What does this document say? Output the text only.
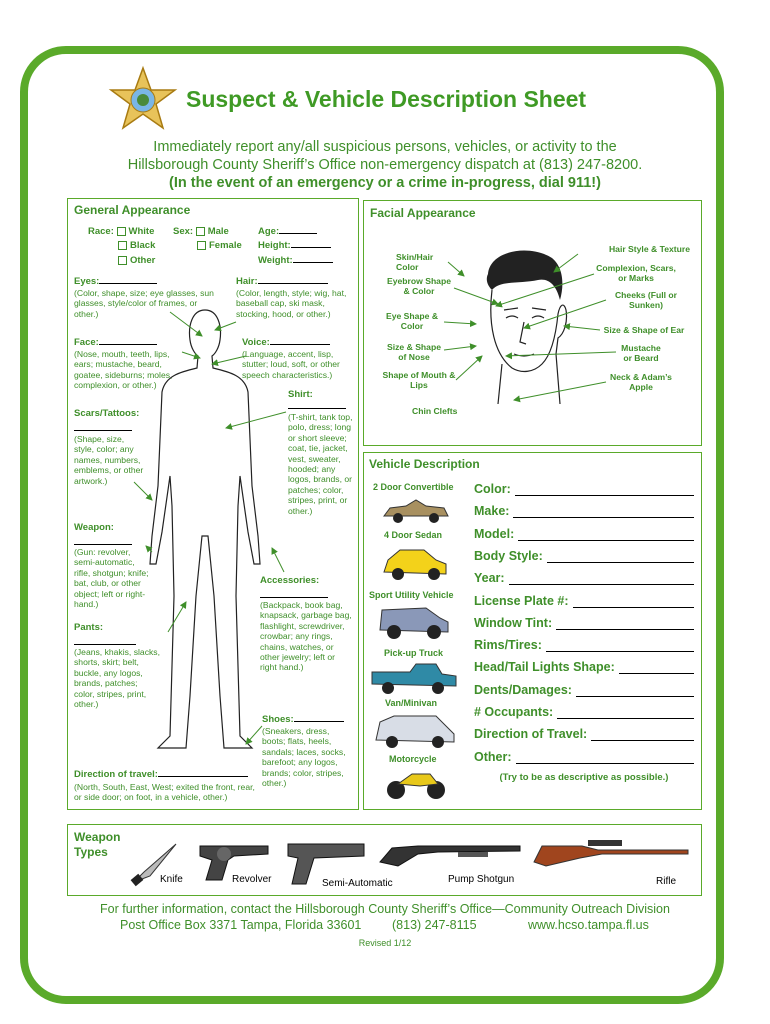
Suspect & Vehicle Description Sheet
Immediately report any/all suspicious persons, vehicles, or activity to the
Hillsborough County Sheriff’s Office non-emergency dispatch at (813) 247-8200.
(In the event of an emergency or a crime in-progress, dial 911!)
General Appearance
Race: White
Black
Other
Sex: Male
Female
Age:
Height:
Weight:
Eyes:
(Color, shape, size; eye glasses, sun glasses, style/color of frames, or other.)
Hair:
(Color, length, style; wig, hat, baseball cap, ski mask, stocking, hood, or other.)
Face:
(Nose, mouth, teeth, lips, ears; mustache, beard, goatee, sideburns; moles, complexion, or other.)
Voice:
(Language, accent, lisp, stutter; loud, soft, or other speech characteristics.)
Shirt:
(T-shirt, tank top, polo, dress; long or short sleeve; coat, tie, jacket, vest, sweater, hooded; any logos, brands, or patches; color, stripes, print, or other.)
Scars/Tattoos:
(Shape, size, style, color; any names, numbers, emblems, or other artwork.)
Weapon:
(Gun: revolver, semi-automatic, rifle, shotgun; knife; bat, club, or other object; left or right-hand.)
Accessories:
(Backpack, book bag, knapsack, garbage bag, flashlight, screwdriver, crowbar; any rings, chains, watches, or other jewelry; left or right hand.)
Pants:
(Jeans, khakis, slacks, shorts, skirt; belt, buckle, any logos, brands, patches; color, stripes, print, other.)
Shoes:
(Sneakers, dress, boots; flats, heels, sandals; laces, socks, barefoot; any logos, brands; color, stripes, other.)
Direction of travel:
(North, South, East, West; exited the front, rear, or side door; on foot, in a vehicle, other.)
Facial Appearance
Skin/Hair Color
Eyebrow Shape & Color
Eye Shape & Color
Size & Shape of Nose
Shape of Mouth & Lips
Chin Clefts
Hair Style & Texture
Complexion, Scars, or Marks
Cheeks (Full or Sunken)
Size & Shape of Ear
Mustache or Beard
Neck & Adam’s Apple
Vehicle Description
2 Door Convertible
4 Door Sedan
Sport Utility Vehicle
Pick-up Truck
Van/Minivan
Motorcycle
Color:
Make:
Model:
Body Style:
Year:
License Plate #:
Window Tint:
Rims/Tires:
Head/Tail Lights Shape:
Dents/Damages:
# Occupants:
Direction of Travel:
Other:
(Try to be as descriptive as possible.)
Weapon
Types
Knife	Revolver	Semi-Automatic	Pump Shotgun	Rifle
For further information, contact the Hillsborough County Sheriff’s Office—Community Outreach Division
Post Office Box 3371 Tampa, Florida 33601 (813) 247-8115	www.hcso.tampa.fl.us
Revised 1/12
